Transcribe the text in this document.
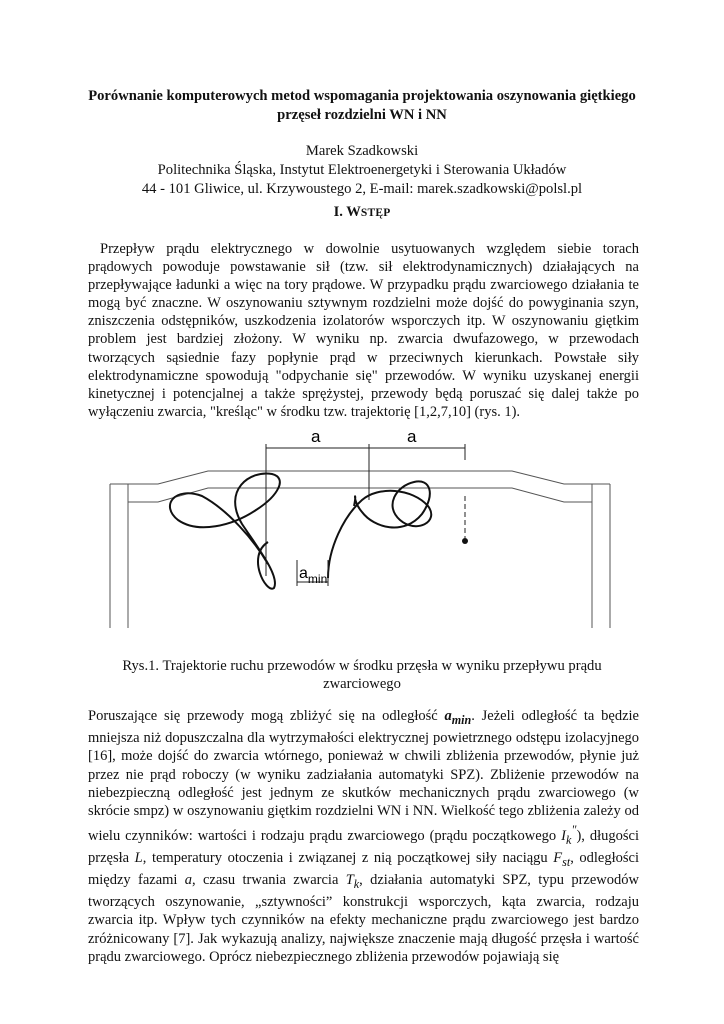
Porównanie komputerowych metod wspomagania projektowania oszynowania giętkiego
przęseł rozdzielni WN i NN
Marek Szadkowski
Politechnika Śląska, Instytut Elektroenergetyki i Sterowania Układów
44 - 101 Gliwice, ul. Krzywoustego 2, E-mail: marek.szadkowski@polsl.pl
I. WSTĘP

Przepływ prądu elektrycznego w dowolnie usytuowanych względem siebie torach prądowych powoduje powstawanie sił (tzw. sił elektrodynamicznych) działających na przepływające ładunki a więc na tory prądowe. W przypadku prądu zwarciowego działania te mogą być znaczne. W oszynowaniu sztywnym rozdzielni może dojść do powyginania szyn, zniszczenia odstępników, uszkodzenia izolatorów wsporczych itp. W oszynowaniu giętkim problem jest bardziej złożony. W wyniku np. zwarcia dwufazowego, w przewodach tworzących sąsiednie fazy popłynie prąd w przeciwnych kierunkach. Powstałe siły elektrodynamiczne spowodują "odpychanie się" przewodów. W wyniku uzyskanej energii kinetycznej i potencjalnej a także sprężystej, przewody będą poruszać się dalej także po wyłączeniu zwarcia, "kreśląc" w środku tzw. trajektorię [1,2,7,10] (rys. 1).

a	a
$a_{min}$

Rys.1. Trajektorie ruchu przewodów w środku przęsła w wyniku przepływu prądu
zwarciowego

Poruszające się przewody mogą zbliżyć się na odległość $a_{min}$. Jeżeli odległość ta będzie mniejsza niż dopuszczalna dla wytrzymałości elektrycznej powietrznego odstępu izolacyjnego [16], może dojść do zwarcia wtórnego, ponieważ w chwili zbliżenia przewodów, płynie już przez nie prąd roboczy (w wyniku zadziałania automatyki SPZ). Zbliżenie przewodów na niebezpieczną odległość jest jednym ze skutków mechanicznych prądu zwarciowego (w skrócie smpz) w oszynowaniu giętkim rozdzielni WN i NN. Wielkość tego zbliżenia zależy od wielu czynników: wartości i rodzaju prądu zwarciowego (prądu początkowego $I_k^"$), długości przęsła L, temperatury otoczenia i związanej z nią początkowej siły naciągu $F_{st}$, odległości między fazami a, czasu trwania zwarcia $T_k$, działania automatyki SPZ, typu przewodów tworzących oszynowanie, „sztywności” konstrukcji wsporczych, kąta zwarcia, rodzaju zwarcia itp. Wpływ tych czynników na efekty mechaniczne prądu zwarciowego jest bardzo zróżnicowany [7]. Jak wykazują analizy, największe znaczenie mają długość przęsła i wartość prądu zwarciowego. Oprócz niebezpiecznego zbliżenia przewodów pojawiają się
